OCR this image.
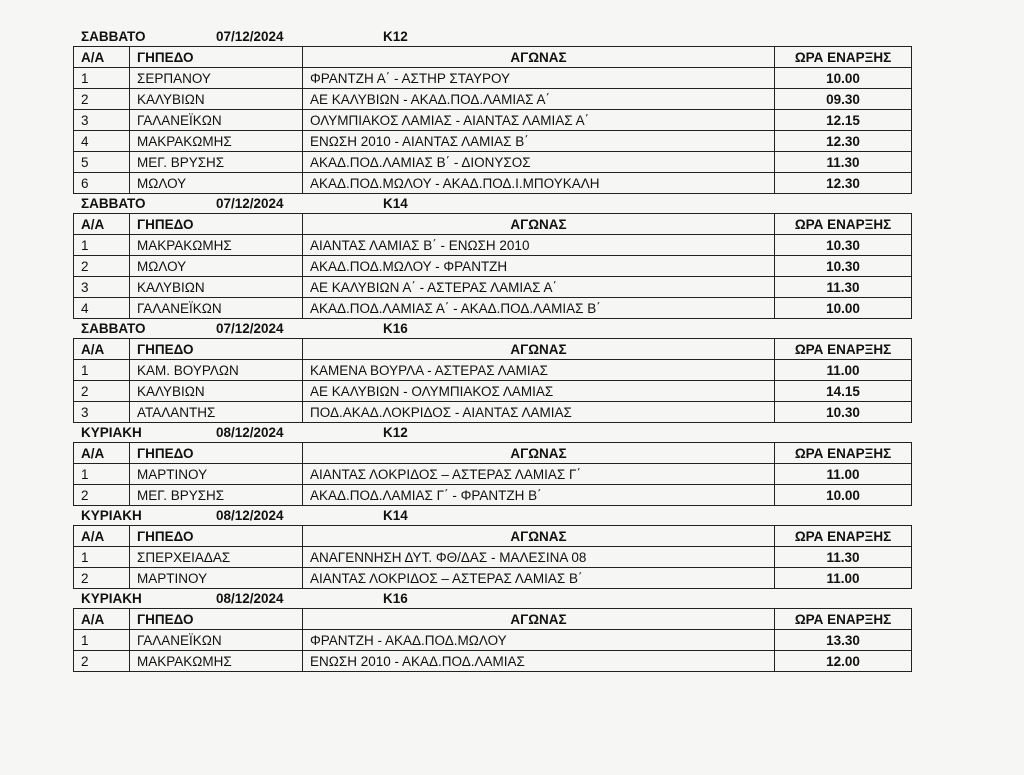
ΣΑΒΒΑΤΟ	07/12/2024	Κ12
Α/Α	ΓΗΠΕΔΟ	ΑΓΩΝΑΣ	ΩΡΑ ΕΝΑΡΞΗΣ
1	ΣΕΡΠΑΝΟΥ	ΦΡΑΝΤΖΗ Α΄ - ΑΣΤΗΡ ΣΤΑΥΡΟΥ	10.00
2	ΚΑΛΥΒΙΩΝ	ΑΕ ΚΑΛΥΒΙΩΝ - ΑΚΑΔ.ΠΟΔ.ΛΑΜΙΑΣ Α΄	09.30
3	ΓΑΛΑΝΕΪΚΩΝ	ΟΛΥΜΠΙΑΚΟΣ ΛΑΜΙΑΣ - ΑΙΑΝΤΑΣ ΛΑΜΙΑΣ Α΄	12.15
4	ΜΑΚΡΑΚΩΜΗΣ	ΕΝΩΣΗ 2010 - ΑΙΑΝΤΑΣ ΛΑΜΙΑΣ Β΄	12.30
5	ΜΕΓ. ΒΡΥΣΗΣ	ΑΚΑΔ.ΠΟΔ.ΛΑΜΙΑΣ Β΄ - ΔΙΟΝΥΣΟΣ	11.30
6	ΜΩΛΟΥ	ΑΚΑΔ.ΠΟΔ.ΜΩΛΟΥ - ΑΚΑΔ.ΠΟΔ.Ι.ΜΠΟΥΚΑΛΗ	12.30
ΣΑΒΒΑΤΟ	07/12/2024	Κ14
Α/Α	ΓΗΠΕΔΟ	ΑΓΩΝΑΣ	ΩΡΑ ΕΝΑΡΞΗΣ
1	ΜΑΚΡΑΚΩΜΗΣ	ΑΙΑΝΤΑΣ ΛΑΜΙΑΣ Β΄ - ΕΝΩΣΗ 2010	10.30
2	ΜΩΛΟΥ	ΑΚΑΔ.ΠΟΔ.ΜΩΛΟΥ - ΦΡΑΝΤΖΗ	10.30
3	ΚΑΛΥΒΙΩΝ	ΑΕ ΚΑΛΥΒΙΩΝ Α΄ - ΑΣΤΕΡΑΣ ΛΑΜΙΑΣ Α΄	11.30
4	ΓΑΛΑΝΕΪΚΩΝ	ΑΚΑΔ.ΠΟΔ.ΛΑΜΙΑΣ Α΄ - ΑΚΑΔ.ΠΟΔ.ΛΑΜΙΑΣ Β΄	10.00
ΣΑΒΒΑΤΟ	07/12/2024	Κ16
Α/Α	ΓΗΠΕΔΟ	ΑΓΩΝΑΣ	ΩΡΑ ΕΝΑΡΞΗΣ
1	ΚΑΜ. ΒΟΥΡΛΩΝ	ΚΑΜΕΝΑ ΒΟΥΡΛΑ - ΑΣΤΕΡΑΣ ΛΑΜΙΑΣ	11.00
2	ΚΑΛΥΒΙΩΝ	ΑΕ ΚΑΛΥΒΙΩΝ - ΟΛΥΜΠΙΑΚΟΣ ΛΑΜΙΑΣ	14.15
3	ΑΤΑΛΑΝΤΗΣ	ΠΟΔ.ΑΚΑΔ.ΛΟΚΡΙΔΟΣ - ΑΙΑΝΤΑΣ ΛΑΜΙΑΣ	10.30
ΚΥΡΙΑΚΗ	08/12/2024	Κ12
Α/Α	ΓΗΠΕΔΟ	ΑΓΩΝΑΣ	ΩΡΑ ΕΝΑΡΞΗΣ
1	ΜΑΡΤΙΝΟΥ	ΑΙΑΝΤΑΣ ΛΟΚΡΙΔΟΣ – ΑΣΤΕΡΑΣ ΛΑΜΙΑΣ Γ΄	11.00
2	ΜΕΓ. ΒΡΥΣΗΣ	ΑΚΑΔ.ΠΟΔ.ΛΑΜΙΑΣ Γ΄ - ΦΡΑΝΤΖΗ Β΄	10.00
ΚΥΡΙΑΚΗ	08/12/2024	Κ14
Α/Α	ΓΗΠΕΔΟ	ΑΓΩΝΑΣ	ΩΡΑ ΕΝΑΡΞΗΣ
1	ΣΠΕΡΧΕΙΑΔΑΣ	ΑΝΑΓΕΝΝΗΣΗ ΔΥΤ. ΦΘ/ΔΑΣ - ΜΑΛΕΣΙΝΑ 08	11.30
2	ΜΑΡΤΙΝΟΥ	ΑΙΑΝΤΑΣ ΛΟΚΡΙΔΟΣ – ΑΣΤΕΡΑΣ ΛΑΜΙΑΣ Β΄	11.00
ΚΥΡΙΑΚΗ	08/12/2024	Κ16
Α/Α	ΓΗΠΕΔΟ	ΑΓΩΝΑΣ	ΩΡΑ ΕΝΑΡΞΗΣ
1	ΓΑΛΑΝΕΪΚΩΝ	ΦΡΑΝΤΖΗ - ΑΚΑΔ.ΠΟΔ.ΜΩΛΟΥ	13.30
2	ΜΑΚΡΑΚΩΜΗΣ	ΕΝΩΣΗ 2010 - ΑΚΑΔ.ΠΟΔ.ΛΑΜΙΑΣ	12.00
